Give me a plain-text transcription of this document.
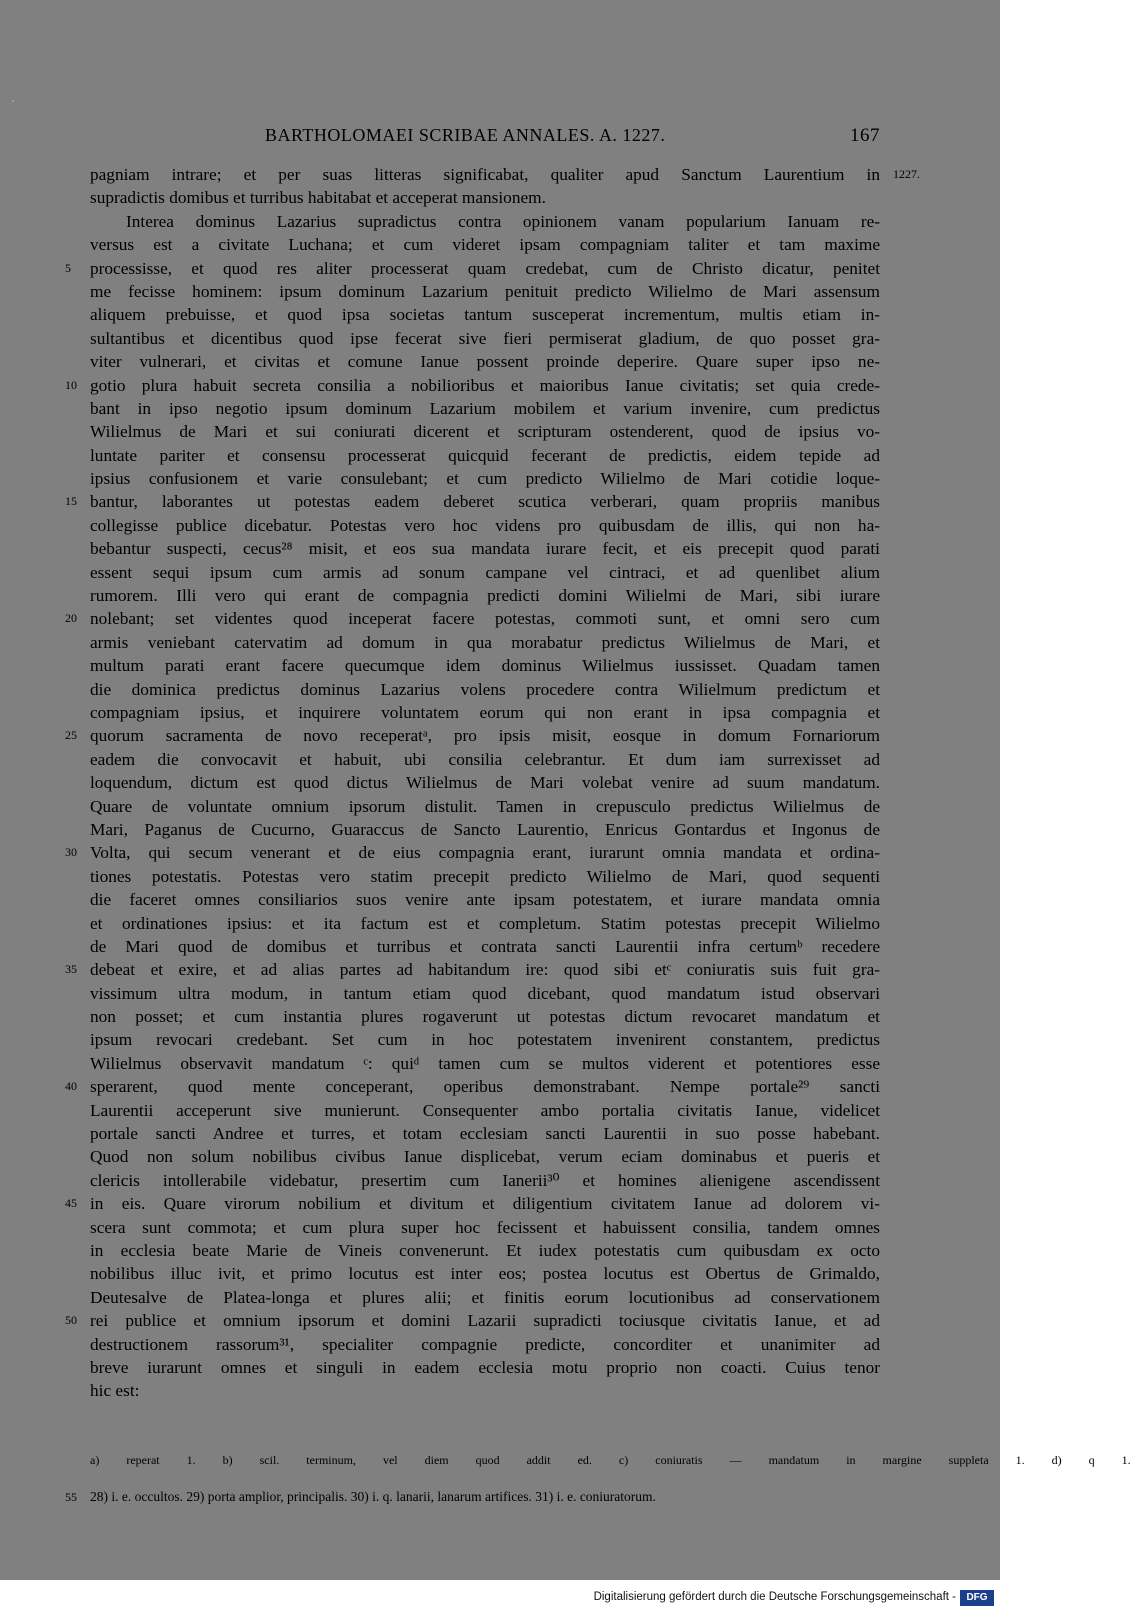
BARTHOLOMAEI SCRIBAE ANNALES. A. 1227.	167
pagniam intrare; et per suas litteras significabat, qualiter apud Sanctum Laurentium in 1227.
supradictis domibus et turribus habitabat et acceperat mansionem.
Interea dominus Lazarius supradictus contra opinionem vanam popularium Ianuam re-
versus est a civitate Luchana; et cum videret ipsam compagniam taliter et tam maxime
5	processisse, et quod res aliter processerat quam credebat, cum de Christo dicatur, penitet
me fecisse hominem: ipsum dominum Lazarium penituit predicto Wilielmo de Mari assensum
aliquem prebuisse, et quod ipsa societas tantum susceperat incrementum, multis etiam in-
sultantibus et dicentibus quod ipse fecerat sive fieri permiserat gladium, de quo posset gra-
viter vulnerari, et civitas et comune Ianue possent proinde deperire. Quare super ipso ne-
10 gotio plura habuit secreta consilia a nobilioribus et maioribus Ianue civitatis; set quia crede-
bant in ipso negotio ipsum dominum Lazarium mobilem et varium invenire, cum predictus
Wilielmus de Mari et sui coniurati dicerent et scripturam ostenderent, quod de ipsius vo-
luntate pariter et consensu processerat quicquid fecerant de predictis, eidem tepide ad
ipsius confusionem et varie consulebant; et cum predicto Wilielmo de Mari cotidie loque-
15 bantur, laborantes ut potestas eadem deberet scutica verberari, quam propriis manibus
collegisse publice dicebatur. Potestas vero hoc videns pro quibusdam de illis, qui non ha-
bebantur suspecti, cecus²⁸ misit, et eos sua mandata iurare fecit, et eis precepit quod parati
essent sequi ipsum cum armis ad sonum campane vel cintraci, et ad quenlibet alium
rumorem. Illi vero qui erant de compagnia predicti domini Wilielmi de Mari, sibi iurare
20 nolebant; set videntes quod inceperat facere potestas, commoti sunt, et omni sero cum
armis veniebant catervatim ad domum in qua morabatur predictus Wilielmus de Mari, et
multum parati erant facere quecumque idem dominus Wilielmus iussisset. Quadam tamen
die dominica predictus dominus Lazarius volens procedere contra Wilielmum predictum et
compagniam ipsius, et inquirere voluntatem eorum qui non erant in ipsa compagnia et
25 quorum sacramenta de novo receperatᵃ, pro ipsis misit, eosque in domum Fornariorum
eadem die convocavit et habuit, ubi consilia celebrantur. Et dum iam surrexisset ad
loquendum, dictum est quod dictus Wilielmus de Mari volebat venire ad suum mandatum.
Quare de voluntate omnium ipsorum distulit. Tamen in crepusculo predictus Wilielmus de
Mari, Paganus de Cucurno, Guaraccus de Sancto Laurentio, Enricus Gontardus et Ingonus de
30 Volta, qui secum venerant et de eius compagnia erant, iurarunt omnia mandata et ordina-
tiones potestatis. Potestas vero statim precepit predicto Wilielmo de Mari, quod sequenti
die faceret omnes consiliarios suos venire ante ipsam potestatem, et iurare mandata omnia
et ordinationes ipsius: et ita factum est et completum. Statim potestas precepit Wilielmo
de Mari quod de domibus et turribus et contrata sancti Laurentii infra certumᵇ recedere
35 debeat et exire, et ad alias partes ad habitandum ire: quod sibi etᶜ coniuratis suis fuit gra-
vissimum ultra modum, in tantum etiam quod dicebant, quod mandatum istud observari
non posset; et cum instantia plures rogaverunt ut potestas dictum revocaret mandatum et
ipsum revocari credebant. Set cum in hoc potestatem invenirent constantem, predictus
Wilielmus observavit mandatum ᶜ: quiᵈ tamen cum se multos viderent et potentiores esse
40 sperarent, quod mente conceperant, operibus demonstrabant. Nempe portale²⁹ sancti
Laurentii acceperunt sive munierunt. Consequenter ambo portalia civitatis Ianue, videlicet
portale sancti Andree et turres, et totam ecclesiam sancti Laurentii in suo posse habebant.
Quod non solum nobilibus civibus Ianue displicebat, verum eciam dominabus et pueris et
clericis intollerabile videbatur, presertim cum Ianerii³⁰ et homines alienigene ascendissent
45 in eis. Quare virorum nobilium et divitum et diligentium civitatem Ianue ad dolorem vi-
scera sunt commota; et cum plura super hoc fecissent et habuissent consilia, tandem omnes
in ecclesia beate Marie de Vineis convenerunt. Et iudex potestatis cum quibusdam ex octo
nobilibus illuc ivit, et primo locutus est inter eos; postea locutus est Obertus de Grimaldo,
Deutesalve de Platea-longa et plures alii; et finitis eorum locutionibus ad conservationem
50 rei publice et omnium ipsorum et domini Lazarii supradicti tociusque civitatis Ianue, et ad
destructionem rassorum³¹, specialiter compagnie predicte, concorditer et unanimiter ad
breve iurarunt omnes et singuli in eadem ecclesia motu proprio non coacti. Cuius tenor
hic est:
a) reperat 1. b) scil. terminum, vel diem quod addit ed. c) coniuratis — mandatum in margine suppleta 1. d) q 1.
55 28) i. e. occultos. 29) porta amplior, principalis. 30) i. q. lanarii, lanarum artifices. 31) i. e. coniuratorum.
Digitalisierung gefördert durch die Deutsche Forschungsgemeinschaft -	DFG
